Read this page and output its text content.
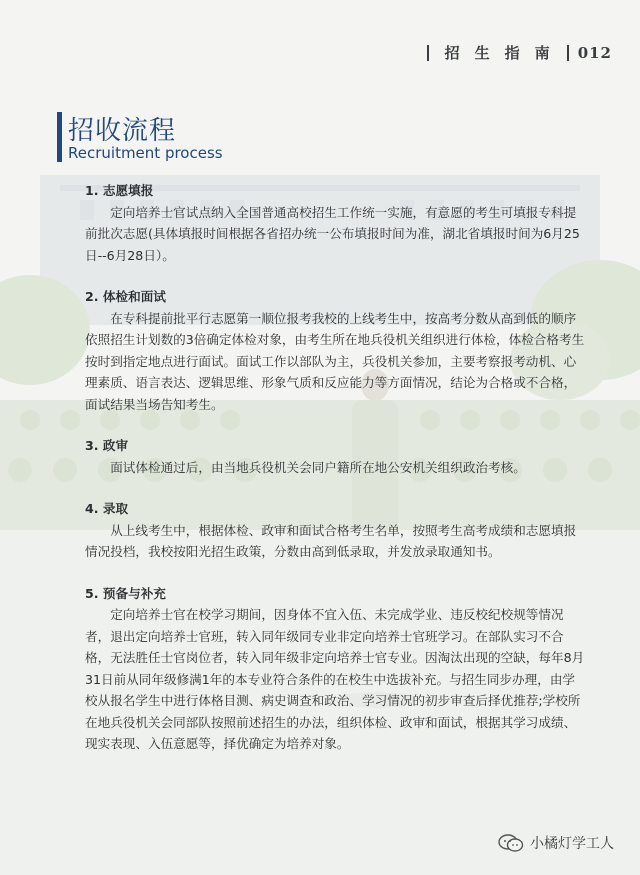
招 生 指 南 012
招收流程
Recruitment process
1. 志愿填报
定向培养士官试点纳入全国普通高校招生工作统一实施，有意愿的考生可填报专科提前批次志愿(具体填报时间根据各省招办统一公布填报时间为准，湖北省填报时间为6月25日--6月28日）。
2. 体检和面试
在专科提前批平行志愿第一顺位报考我校的上线考生中，按高考分数从高到低的顺序依照招生计划数的3倍确定体检对象，由考生所在地兵役机关组织进行体检，体检合格考生按时到指定地点进行面试。面试工作以部队为主，兵役机关参加，主要考察报考动机、心理素质、语言表达、逻辑思维、形象气质和反应能力等方面情况，结论为合格或不合格，面试结果当场告知考生。
3. 政审
面试体检通过后，由当地兵役机关会同户籍所在地公安机关组织政治考核。
4. 录取
从上线考生中，根据体检、政审和面试合格考生名单，按照考生高考成绩和志愿填报情况投档，我校按阳光招生政策，分数由高到低录取，并发放录取通知书。
5. 预备与补充
定向培养士官在校学习期间，因身体不宜入伍、未完成学业、违反校纪校规等情况者，退出定向培养士官班，转入同年级同专业非定向培养士官班学习。在部队实习不合格，无法胜任士官岗位者，转入同年级非定向培养士官专业。因淘汰出现的空缺，每年8月31日前从同年级修满1年的本专业符合条件的在校生中选拔补充。与招生同步办理，由学校从报名学生中进行体格目测、病史调查和政治、学习情况的初步审查后择优推荐;学校所在地兵役机关会同部队按照前述招生的办法，组织体检、政审和面试，根据其学习成绩、现实表现、入伍意愿等，择优确定为培养对象。
小橘灯学工人
